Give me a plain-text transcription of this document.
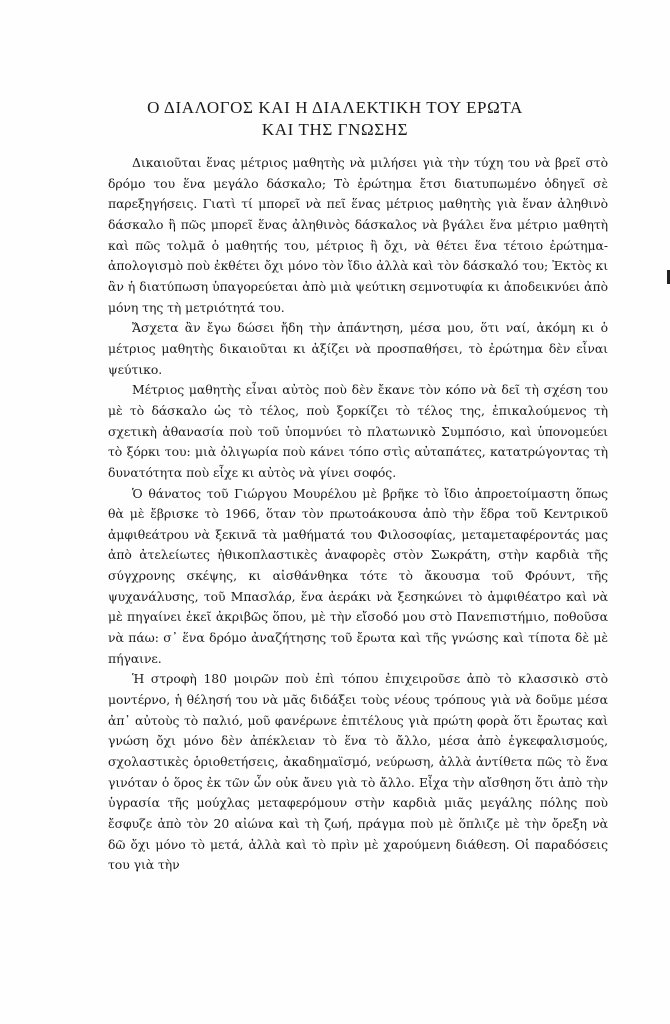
Ο ΔΙΑΛΟΓΟΣ ΚΑΙ Η ΔΙΑΛΕΚΤΙΚΗ ΤΟΥ ΕΡΩΤΑ
ΚΑΙ ΤΗΣ ΓΝΩΣΗΣ

Δικαιοῦται ἕνας μέτριος μαθητὴς νὰ μιλήσει γιὰ τὴν τύχη του νὰ βρεῖ στὸ δρόμο του ἕνα μεγάλο δάσκαλο; Τὸ ἐρώτημα ἔτσι διατυπωμένο ὁδηγεῖ σὲ παρεξηγήσεις. Γιατὶ τί μπορεῖ νὰ πεῖ ἕνας μέτριος μαθητὴς γιὰ ἕναν ἀληθινὸ δάσκαλο ἢ πῶς μπορεῖ ἕνας ἀληθινὸς δάσκαλος νὰ βγάλει ἕνα μέτριο μαθητὴ καὶ πῶς τολμᾶ ὁ μαθητής του, μέτριος ἢ ὄχι, νὰ θέτει ἕνα τέτοιο ἐρώτημα-ἀπολογισμὸ ποὺ ἐκθέτει ὄχι μόνο τὸν ἴδιο ἀλλὰ καὶ τὸν δάσκαλό του; Ἐκτὸς κι ἂν ἡ διατύπωση ὑπαγορεύεται ἀπὸ μιὰ ψεύτικη σεμνοτυφία κι ἀποδεικνύει ἀπὸ μόνη της τὴ μετριότητά του.

Ἄσχετα ἂν ἔγω δώσει ἤδη τὴν ἀπάντηση, μέσα μου, ὅτι ναί, ἀκόμη κι ὁ μέτριος μαθητὴς δικαιοῦται κι ἀξίζει νὰ προσπαθήσει, τὸ ἐρώτημα δὲν εἶναι ψεύτικο.

Μέτριος μαθητὴς εἶναι αὐτὸς ποὺ δὲν ἔκανε τὸν κόπο νὰ δεῖ τὴ σχέση του μὲ τὸ δάσκαλο ὡς τὸ τέλος, ποὺ ξορκίζει τὸ τέλος της, ἐπικαλούμενος τὴ σχετικὴ ἀθανασία ποὺ τοῦ ὑπομνύει τὸ πλατωνικὸ Συμπόσιο, καὶ ὑπονομεύει τὸ ξόρκι του: μιὰ ὀλιγωρία ποὺ κάνει τόπο στὶς αὐταπάτες, κατατρώγοντας τὴ δυνατότητα ποὺ εἶχε κι αὐτὸς νὰ γίνει σοφός.

Ὁ θάνατος τοῦ Γιώργου Μουρέλου μὲ βρῆκε τὸ ἴδιο ἀπροετοίμαστη ὅπως θὰ μὲ ἔβρισκε τὸ 1966, ὅταν τὸν πρωτοάκουσα ἀπὸ τὴν ἕδρα τοῦ Κεντρικοῦ ἀμφιθεάτρου νὰ ξεκινᾶ τὰ μαθήματά του Φιλοσοφίας, μεταμεταφέροντάς μας ἀπὸ ἀτελείωτες ἠθικοπλαστικὲς ἀναφορὲς στὸν Σωκράτη, στὴν καρδιὰ τῆς σύγχρονης σκέψης, κι αἰσθάνθηκα τότε τὸ ἄκουσμα τοῦ Φρόυντ, τῆς ψυχανάλυσης, τοῦ Μπασλάρ, ἕνα ἀεράκι νὰ ξεσηκώνει τὸ ἀμφιθέατρο καὶ νὰ μὲ πηγαίνει ἐκεῖ ἀκριβῶς ὅπου, μὲ τὴν εἴσοδό μου στὸ Πανεπιστήμιο, ποθοῦσα νὰ πάω: σ᾿ ἕνα δρόμο ἀναζήτησης τοῦ ἔρωτα καὶ τῆς γνώσης καὶ τίποτα δὲ μὲ πήγαινε.

Ἡ στροφὴ 180 μοιρῶν ποὺ ἐπὶ τόπου ἐπιχειροῦσε ἀπὸ τὸ κλασσικὸ στὸ μοντέρνο, ἡ θέλησή του νὰ μᾶς διδάξει τοὺς νέους τρόπους γιὰ νὰ δοῦμε μέσα ἀπ᾿ αὐτοὺς τὸ παλιό, μοῦ φανέρωνε ἐπιτέλους γιὰ πρώτη φορὰ ὅτι ἔρωτας καὶ γνώση ὄχι μόνο δὲν ἀπέκλειαν τὸ ἕνα τὸ ἄλλο, μέσα ἀπὸ ἐγκεφαλισμούς, σχολαστικὲς ὁριοθετήσεις, ἀκαδημαϊσμό, νεύρωση, ἀλλὰ ἀντίθετα πῶς τὸ ἕνα γινόταν ὁ ὅρος ἐκ τῶν ὧν οὐκ ἄνευ γιὰ τὸ ἄλλο. Εἶχα τὴν αἴσθηση ὅτι ἀπὸ τὴν ὑγρασία τῆς μούχλας μεταφερόμουν στὴν καρδιὰ μιᾶς μεγάλης πόλης ποὺ ἔσφυζε ἀπὸ τὸν 20 αἰώνα καὶ τὴ ζωή, πράγμα ποὺ μὲ ὅπλιζε μὲ τὴν ὄρεξη νὰ δῶ ὄχι μόνο τὸ μετά, ἀλλὰ καὶ τὸ πρὶν μὲ χαρούμενη διάθεση. Οἱ παραδόσεις του γιὰ τὴν
